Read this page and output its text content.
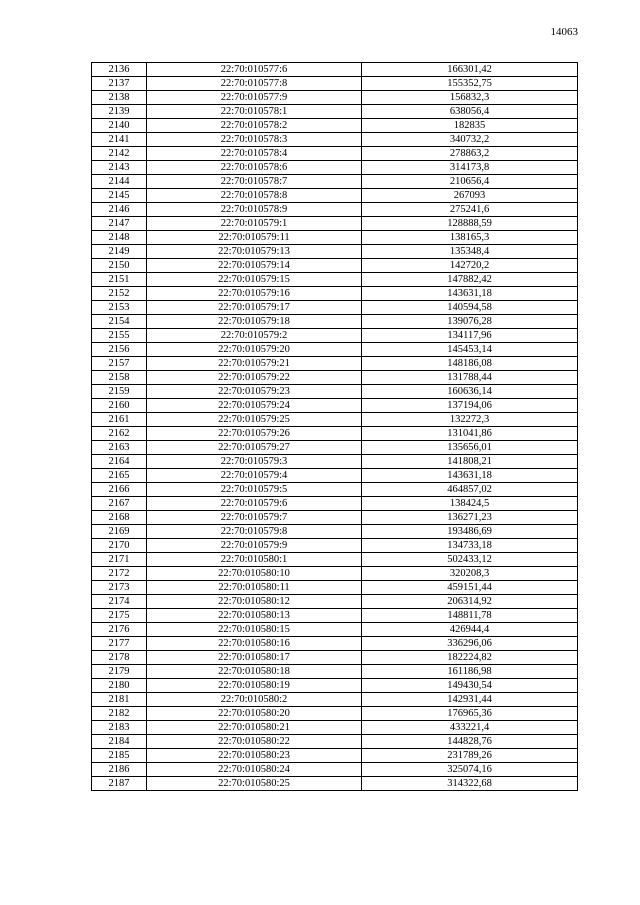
14063
2136	22:70:010577:6	166301,42
2137	22:70:010577:8	155352,75
2138	22:70:010577:9	156832,3
2139	22:70:010578:1	638056,4
2140	22:70:010578:2	182835
2141	22:70:010578:3	340732,2
2142	22:70:010578:4	278863,2
2143	22:70:010578:6	314173,8
2144	22:70:010578:7	210656,4
2145	22:70:010578:8	267093
2146	22:70:010578:9	275241,6
2147	22:70:010579:1	128888,59
2148	22:70:010579:11	138165,3
2149	22:70:010579:13	135348,4
2150	22:70:010579:14	142720,2
2151	22:70:010579:15	147882,42
2152	22:70:010579:16	143631,18
2153	22:70:010579:17	140594,58
2154	22:70:010579:18	139076,28
2155	22:70:010579:2	134117,96
2156	22:70:010579:20	145453,14
2157	22:70:010579:21	148186,08
2158	22:70:010579:22	131788,44
2159	22:70:010579:23	160636,14
2160	22:70:010579:24	137194,06
2161	22:70:010579:25	132272,3
2162	22:70:010579:26	131041,86
2163	22:70:010579:27	135656,01
2164	22:70:010579:3	141808,21
2165	22:70:010579:4	143631,18
2166	22:70:010579:5	464857,02
2167	22:70:010579:6	138424,5
2168	22:70:010579:7	136271,23
2169	22:70:010579:8	193486,69
2170	22:70:010579:9	134733,18
2171	22:70:010580:1	502433,12
2172	22:70:010580:10	320208,3
2173	22:70:010580:11	459151,44
2174	22:70:010580:12	206314,92
2175	22:70:010580:13	148811,78
2176	22:70:010580:15	426944,4
2177	22:70:010580:16	336296,06
2178	22:70:010580:17	182224,82
2179	22:70:010580:18	161186,98
2180	22:70:010580:19	149430,54
2181	22:70:010580:2	142931,44
2182	22:70:010580:20	176965,36
2183	22:70:010580:21	433221,4
2184	22:70:010580:22	144828,76
2185	22:70:010580:23	231789,26
2186	22:70:010580:24	325074,16
2187	22:70:010580:25	314322,68
